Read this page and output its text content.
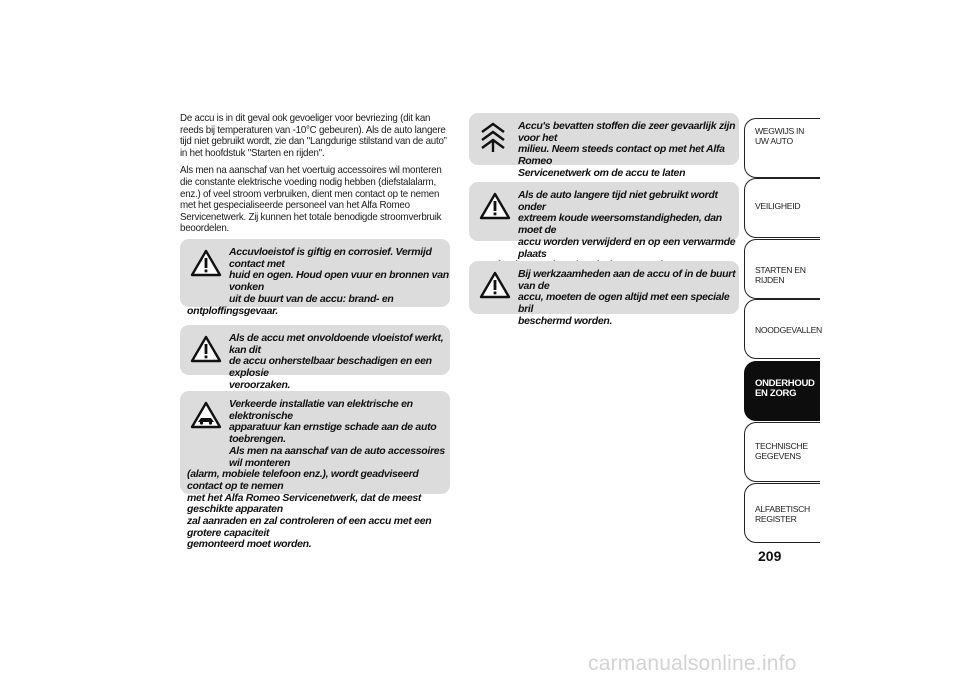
De accu is in dit geval ook gevoeliger voor bevriezing (dit kan reeds bij temperaturen van -10°C gebeuren). Als de auto langere tijd niet gebruikt wordt, zie dan "Langdurige stilstand van de auto” in het hoofdstuk "Starten en rijden".

Als men na aanschaf van het voertuig accessoires wil monteren die constante elektrische voeding nodig hebben (diefstalalarm, enz.) of veel stroom verbruiken, dient men contact op te nemen met het gespecialiseerde personeel van het Alfa Romeo Servicenetwerk. Zij kunnen het totale benodigde stroomverbruik beoordelen.

Accuvloeistof is giftig en corrosief. Vermijd contact met
huid en ogen. Houd open vuur en bronnen van vonken
uit de buurt van de accu: brand- en
ontploffingsgevaar.
Als de accu met onvoldoende vloeistof werkt, kan dit
de accu onherstelbaar beschadigen en een explosie
veroorzaken.
Verkeerde installatie van elektrische en elektronische
apparatuur kan ernstige schade aan de auto toebrengen.
Als men na aanschaf van de auto accessoires wil monteren
(alarm, mobiele telefoon enz.), wordt geadviseerd contact op te nemen
met het Alfa Romeo Servicenetwerk, dat de meest geschikte apparaten
zal aanraden en zal controleren of een accu met een grotere capaciteit
gemonteerd moet worden.
Accu's bevatten stoffen die zeer gevaarlijk zijn voor het
milieu. Neem steeds contact op met het Alfa Romeo
Servicenetwerk om de accu te laten
Als de auto langere tijd niet gebruikt wordt onder
extreem koude weersomstandigheden, dan moet de
accu worden verwijderd en op een verwarmde plaats
Bij werkzaamheden aan de accu of in de buurt van de
accu, moeten de ogen altijd met een speciale bril
beschermd worden.
WEGWIJS IN UW AUTO
VEILIGHEID
STARTEN EN RIJDEN
NOODGEVALLEN
ONDERHOUD EN ZORG
TECHNISCHE GEGEVENS
ALFABETISCH REGISTER
209
carmanualsonline.info
